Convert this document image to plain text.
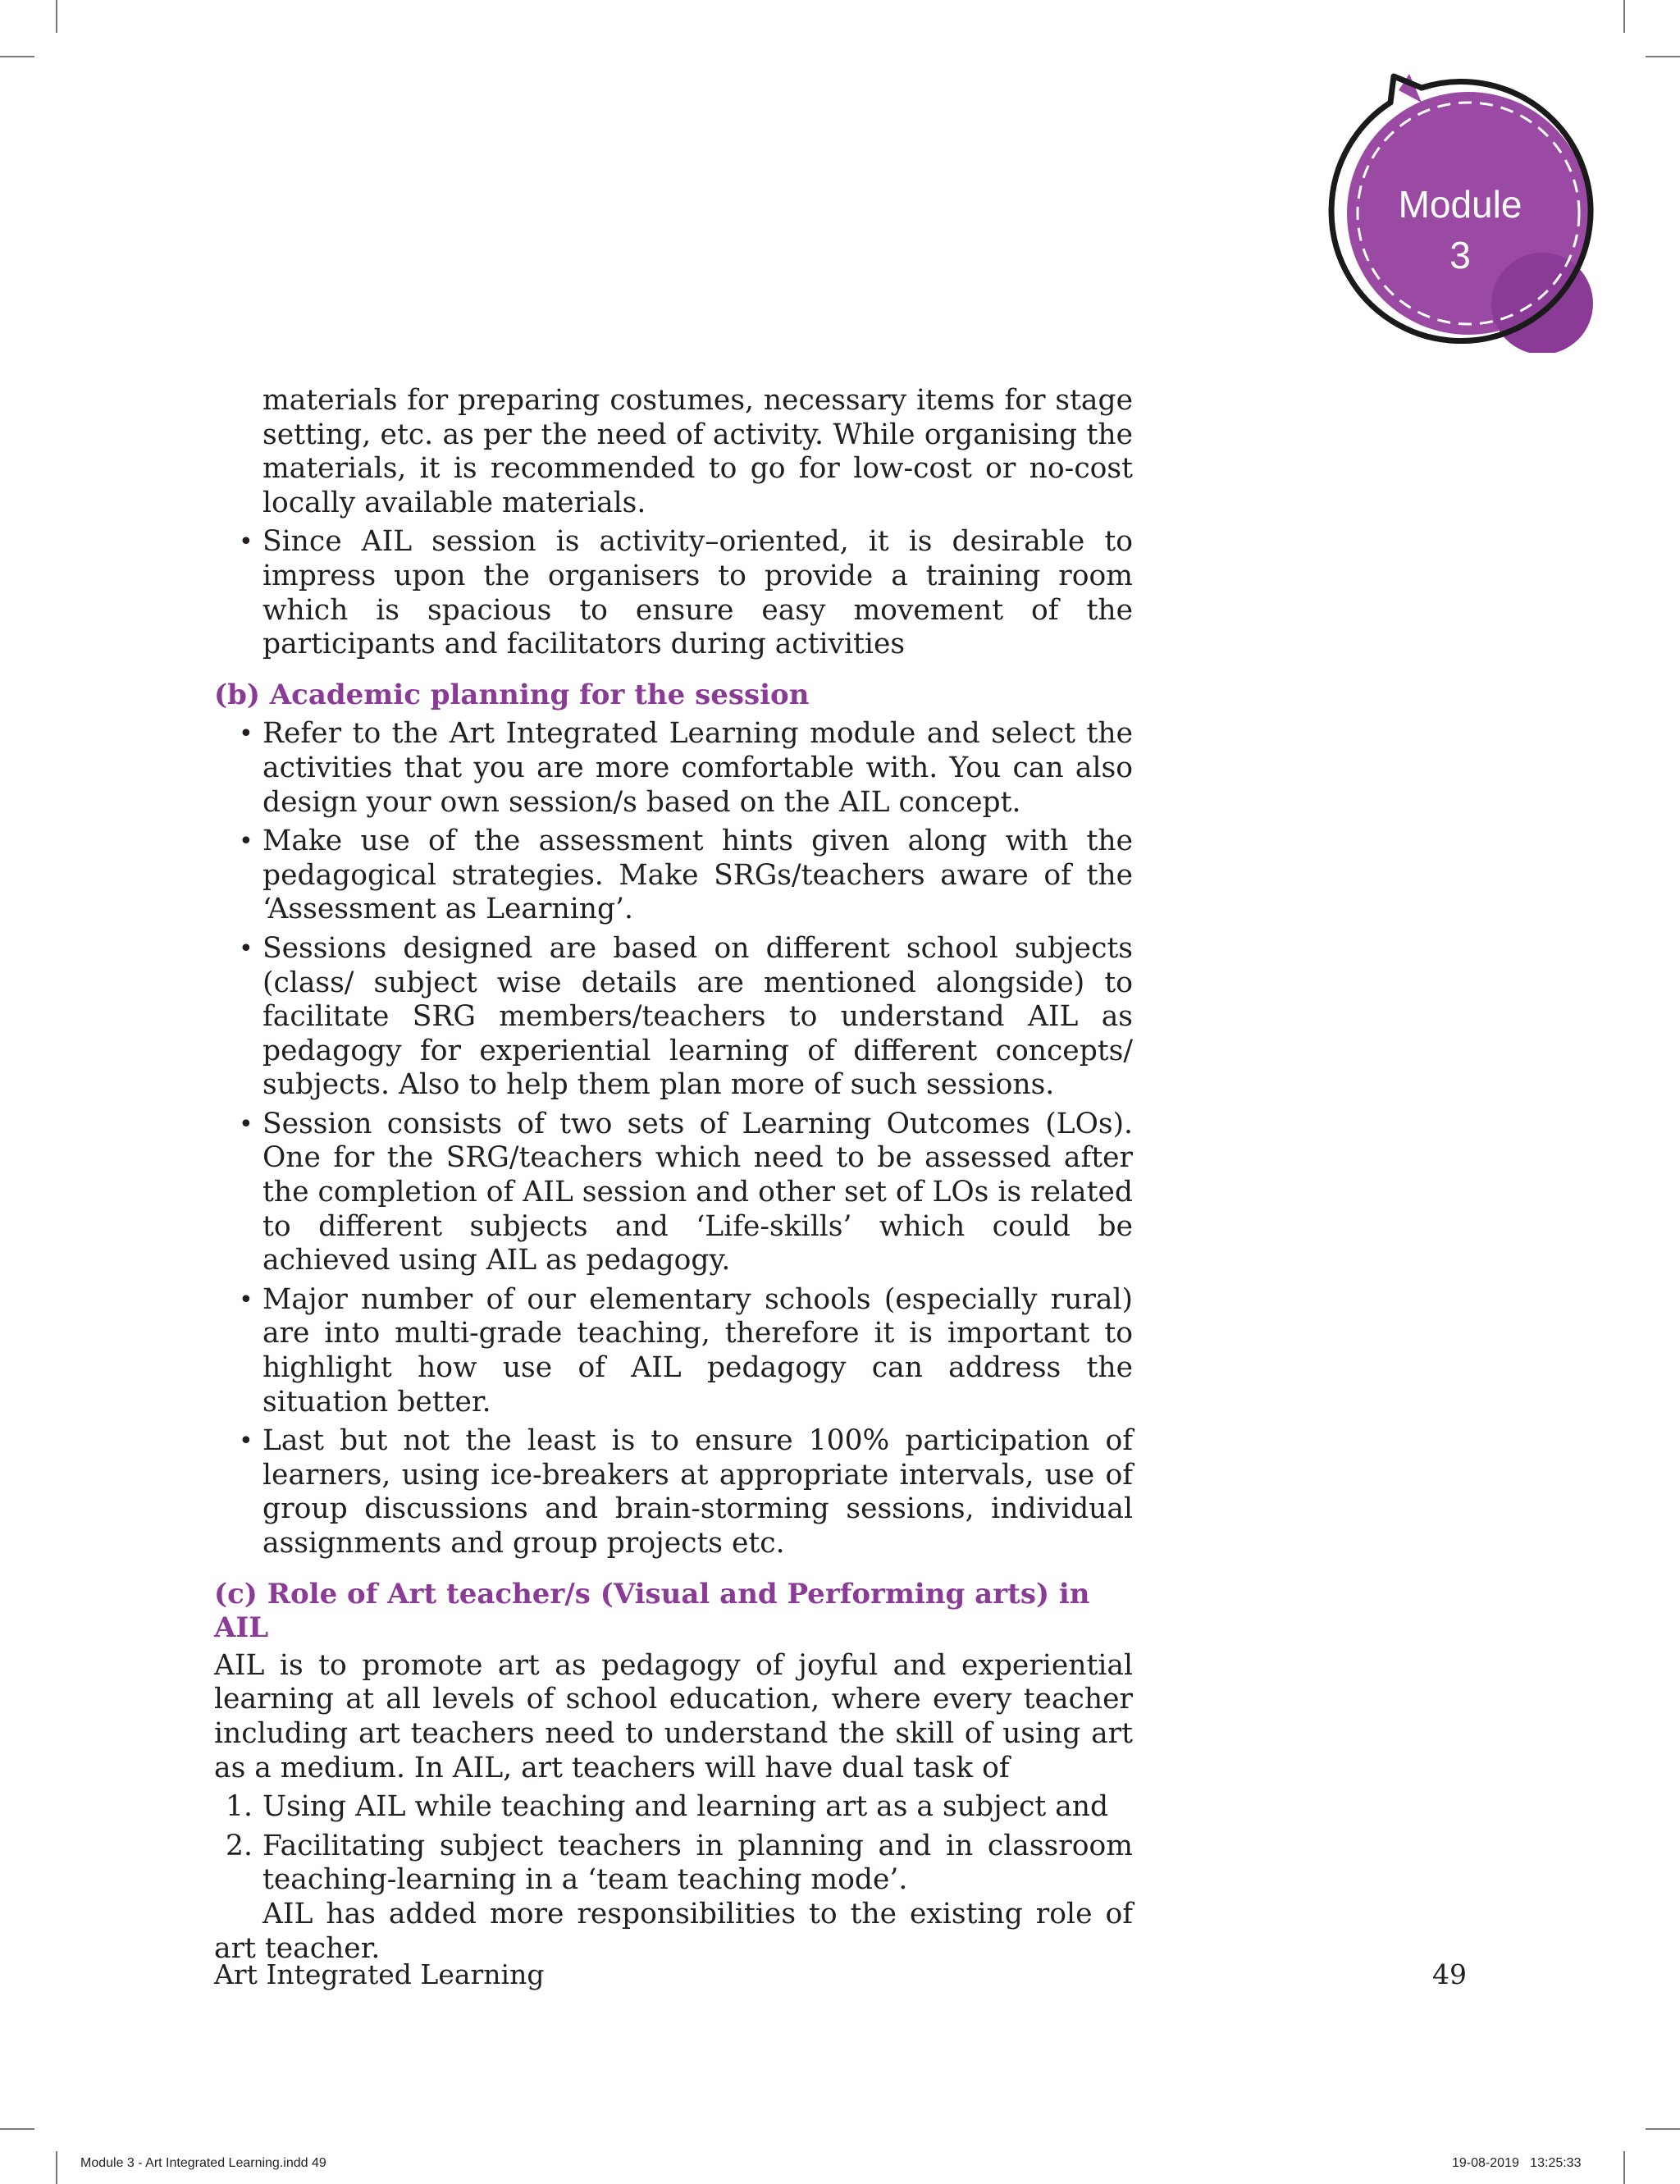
Module
3

materials for preparing costumes, necessary items for stage setting, etc. as per the need of activity. While organising the materials, it is recommended to go for low-cost or no-cost locally available materials.

• Since AIL session is activity–oriented, it is desirable to impress upon the organisers to provide a training room which is spacious to ensure easy movement of the participants and facilitators during activities

(b) Academic planning for the session

• Refer to the Art Integrated Learning module and select the activities that you are more comfortable with. You can also design your own session/s based on the AIL concept.
• Make use of the assessment hints given along with the pedagogical strategies. Make SRGs/teachers aware of the ‘Assessment as Learning’.
• Sessions designed are based on different school subjects (class/ subject wise details are mentioned alongside) to facilitate SRG members/teachers to understand AIL as pedagogy for experiential learning of different concepts/ subjects. Also to help them plan more of such sessions.
• Session consists of two sets of Learning Outcomes (LOs). One for the SRG/teachers which need to be assessed after the completion of AIL session and other set of LOs is related to different subjects and ‘Life-skills’ which could be achieved using AIL as pedagogy.
• Major number of our elementary schools (especially rural) are into multi-grade teaching, therefore it is important to highlight how use of AIL pedagogy can address the situation better.
• Last but not the least is to ensure 100% participation of learners, using ice-breakers at appropriate intervals, use of group discussions and brain-storming sessions, individual assignments and group projects etc.

(c) Role of Art teacher/s (Visual and Performing arts) in AIL

AIL is to promote art as pedagogy of joyful and experiential learning at all levels of school education, where every teacher including art teachers need to understand the skill of using art as a medium. In AIL, art teachers will have dual task of

1. Using AIL while teaching and learning art as a subject and
2. Facilitating subject teachers in planning and in classroom teaching-learning in a ‘team teaching mode’.

AIL has added more responsibilities to the existing role of art teacher.

Art Integrated Learning	49
Module 3 - Art Integrated Learning.indd 49	19-08-2019   13:25:33
